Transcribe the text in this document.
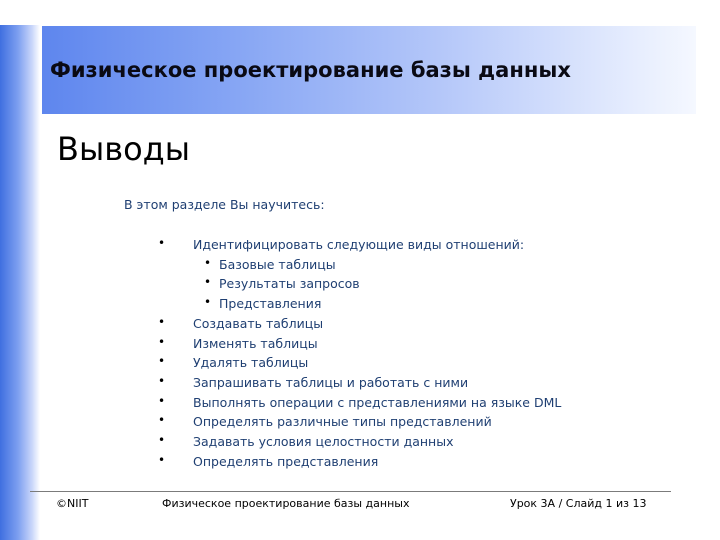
Физическое проектирование базы данных
Выводы
В этом разделе Вы научитесь:
• Идентифицировать следующие виды отношений:
• Базовые таблицы
• Результаты запросов
• Представления
• Создавать таблицы
• Изменять таблицы
• Удалять таблицы
• Запрашивать таблицы и работать с ними
• Выполнять операции с представлениями на языке DML
• Определять различные типы представлений
• Задавать условия целостности данных
• Определять представления
©NIIT	Физическое проектирование базы данных	Урок 3A / Слайд 1 из 13
